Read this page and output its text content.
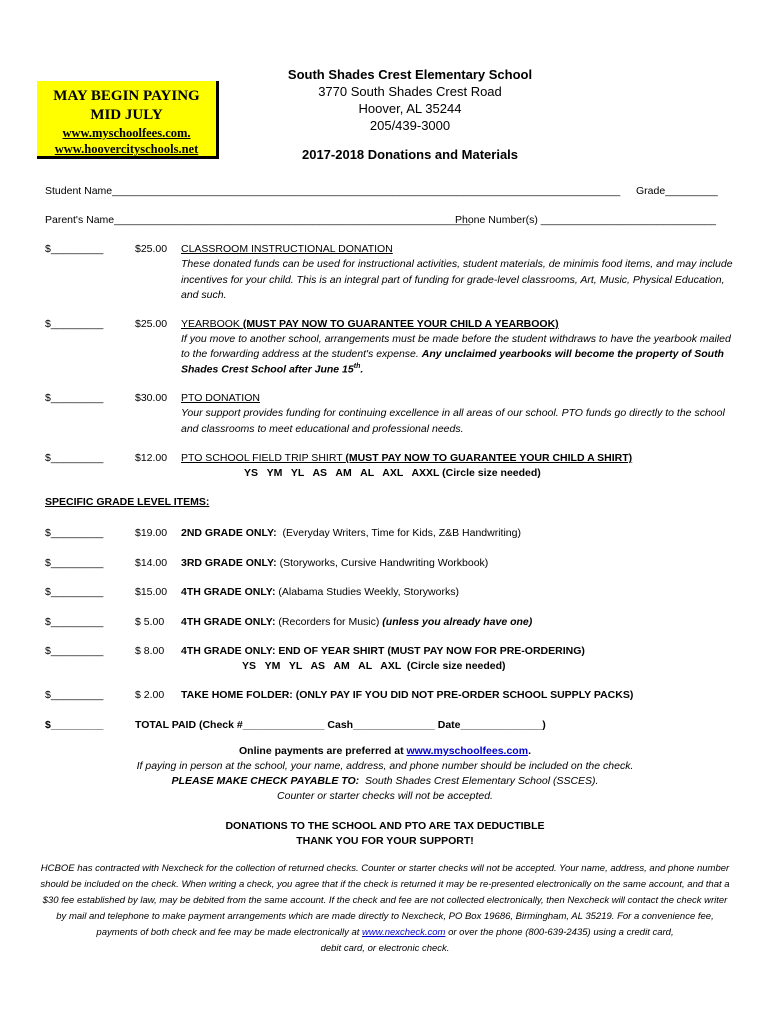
MAY BEGIN PAYING
MID JULY
www.myschoolfees.com.
www.hoovercityschools.net
South Shades Crest Elementary School
3770 South Shades Crest Road
Hoover, AL 35244
205/439-3000
2017-2018 Donations and Materials
Student Name_______________________________________________________________________________________ Grade_________
Parent's Name_____________________________________________________________
Phone Number(s) ______________________________
$_________	$25.00 CLASSROOM INSTRUCTIONAL DONATION
These donated funds can be used for instructional activities, student materials, de minimis food items, and may include
incentives for your child. This is an integral part of funding for grade-level classrooms, Art, Music, Physical Education,
and such.
$_________	$25.00 YEARBOOK (MUST PAY NOW TO GUARANTEE YOUR CHILD A YEARBOOK)
If you move to another school, arrangements must be made before the student withdraws to have the yearbook mailed
to the forwarding address at the student's expense. Any unclaimed yearbooks will become the property of South
Shades Crest School after June 15th.
$_________	$30.00 PTO DONATION
Your support provides funding for continuing excellence in all areas of our school. PTO funds go directly to the school
and classrooms to meet educational and professional needs.
$_________	$12.00 PTO SCHOOL FIELD TRIP SHIRT (MUST PAY NOW TO GUARANTEE YOUR CHILD A SHIRT)
YS   YM   YL   AS   AM   AL   AXL   AXXL (Circle size needed)
SPECIFIC GRADE LEVEL ITEMS:
$_________	$19.00 2ND GRADE ONLY:  (Everyday Writers, Time for Kids, Z&B Handwriting)
$_________	$14.00 3RD GRADE ONLY: (Storyworks, Cursive Handwriting Workbook)
$_________	$15.00 4TH GRADE ONLY: (Alabama Studies Weekly, Storyworks)
$_________	$ 5.00 4TH GRADE ONLY: (Recorders for Music) (unless you already have one)
$_________	$ 8.00 4TH GRADE ONLY: END OF YEAR SHIRT (MUST PAY NOW FOR PRE-ORDERING)
YS   YM   YL   AS   AM   AL   AXL  (Circle size needed)
$_________	$ 2.00 TAKE HOME FOLDER: (ONLY PAY IF YOU DID NOT PRE-ORDER SCHOOL SUPPLY PACKS)
$_________	TOTAL PAID (Check #______________ Cash______________ Date______________)
Online payments are preferred at www.myschoolfees.com.
If paying in person at the school, your name, address, and phone number should be included on the check.
PLEASE MAKE CHECK PAYABLE TO:  South Shades Crest Elementary School (SSCES).
Counter or starter checks will not be accepted.
DONATIONS TO THE SCHOOL AND PTO ARE TAX DEDUCTIBLE
THANK YOU FOR YOUR SUPPORT!
HCBOE has contracted with Nexcheck for the collection of returned checks. Counter or starter checks will not be accepted. Your name, address, and phone number
should be included on the check. When writing a check, you agree that if the check is returned it may be re-presented electronically on the same account, and that a
$30 fee established by law, may be debited from the same account. If the check and fee are not collected electronically, then Nexcheck will contact the check writer
by mail and telephone to make payment arrangements which are made directly to Nexcheck, PO Box 19686, Birmingham, AL 35219. For a convenience fee,
payments of both check and fee may be made electronically at www.nexcheck.com or over the phone (800-639-2435) using a credit card,
debit card, or electronic check.
